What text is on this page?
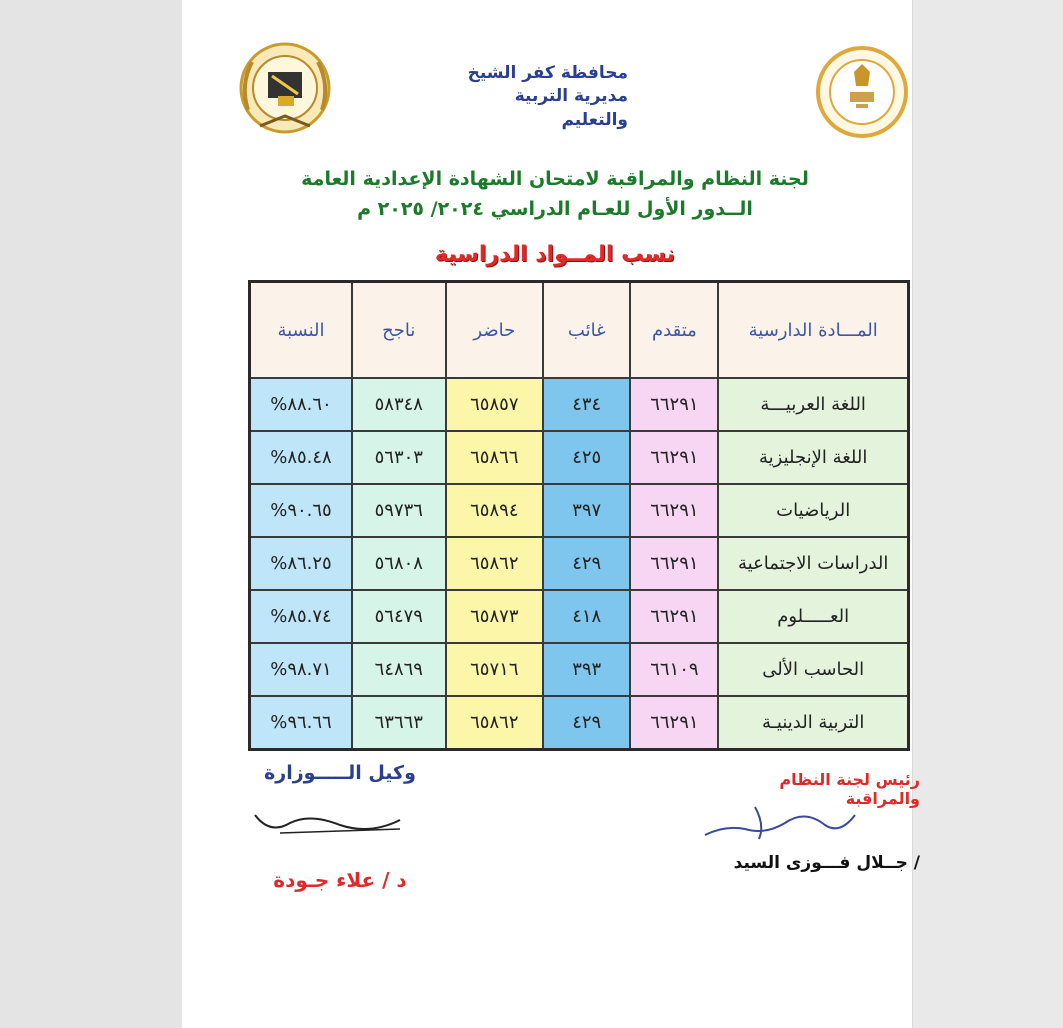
محافظة كفر الشيخ
مديرية التربية والتعليم
لجنة النظام والمراقبة لامتحان الشهادة الإعدادية العامة
الــدور الأول للعـام الدراسي ٢٠٢٤/ ٢٠٢٥ م
نسب المــواد الدراسية
المـــادة الدارسية	متقدم	غائب	حاضر	ناجح	النسبة
اللغة العربيـــة	٦٦٢٩١	٤٣٤	٦٥٨٥٧	٥٨٣٤٨	٨٨.٦٠%
اللغة الإنجليزية	٦٦٢٩١	٤٢٥	٦٥٨٦٦	٥٦٣٠٣	٨٥.٤٨%
الرياضيات	٦٦٢٩١	٣٩٧	٦٥٨٩٤	٥٩٧٣٦	٩٠.٦٥%
الدراسات الاجتماعية	٦٦٢٩١	٤٢٩	٦٥٨٦٢	٥٦٨٠٨	٨٦.٢٥%
العـــــلوم	٦٦٢٩١	٤١٨	٦٥٨٧٣	٥٦٤٧٩	٨٥.٧٤%
الحاسب الألى	٦٦١٠٩	٣٩٣	٦٥٧١٦	٦٤٨٦٩	٩٨.٧١%
التربية الدينيـة	٦٦٢٩١	٤٢٩	٦٥٨٦٢	٦٣٦٦٣	٩٦.٦٦%
وكيل الـــــوزارة
د / علاء جـودة
رئيس لجنة النظام والمراقبة
/ جــلال فـــوزى السيد
